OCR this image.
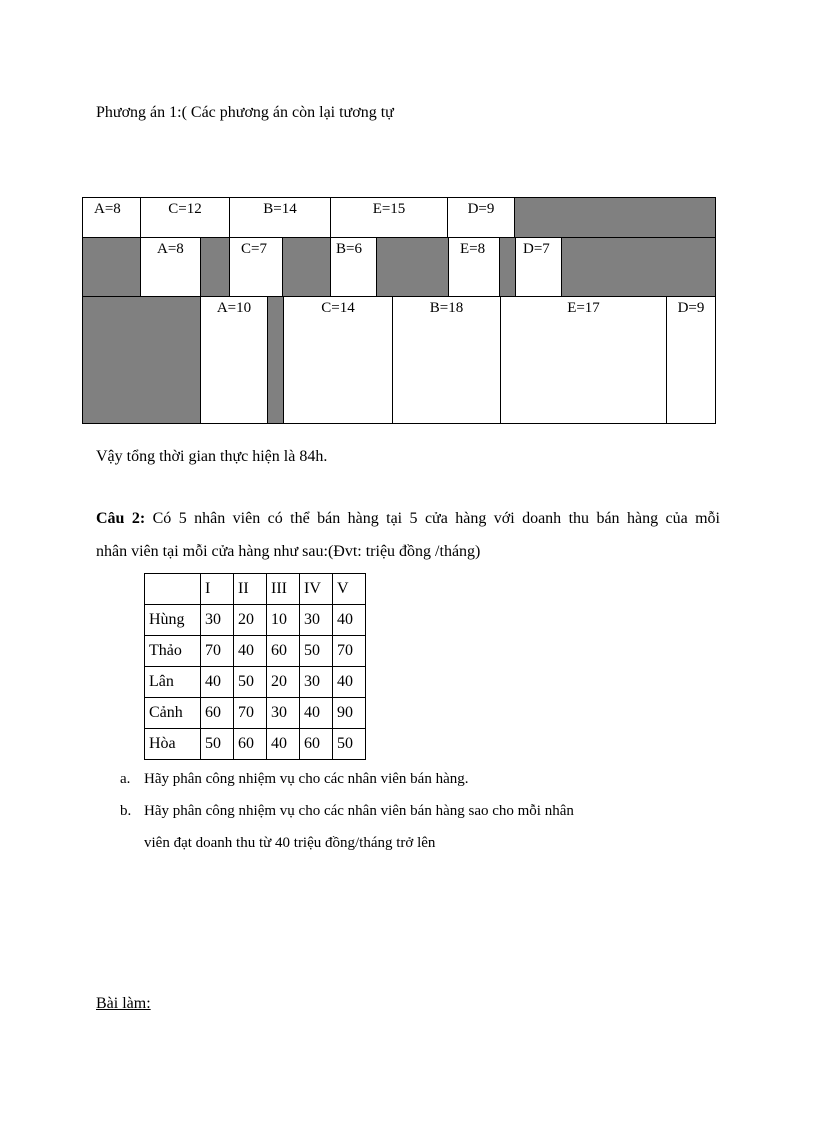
Phương án 1:( Các phương án còn lại tương tự
A=8	C=12	B=14	E=15	D=9
A=8	C=7	B=6	E=8	D=7
A=10	C=14	B=18	E=17	D=9
Vậy tổng thời gian thực hiện là 84h.
Câu 2: Có 5 nhân viên có thể bán hàng tại 5 cửa hàng với doanh thu bán hàng của mỗi
nhân viên tại mỗi cửa hàng như sau:(Đvt: triệu đồng /tháng)
	I	II	III	IV	V
Hùng	30	20	10	30	40
Thảo	70	40	60	50	70
Lân	40	50	20	30	40
Cảnh	60	70	30	40	90
Hòa	50	60	40	60	50
a. Hãy phân công nhiệm vụ cho các nhân viên bán hàng.
b. Hãy phân công nhiệm vụ cho các nhân viên bán hàng sao cho mỗi nhân
viên đạt doanh thu từ 40 triệu đồng/tháng trở lên
Bài làm:
